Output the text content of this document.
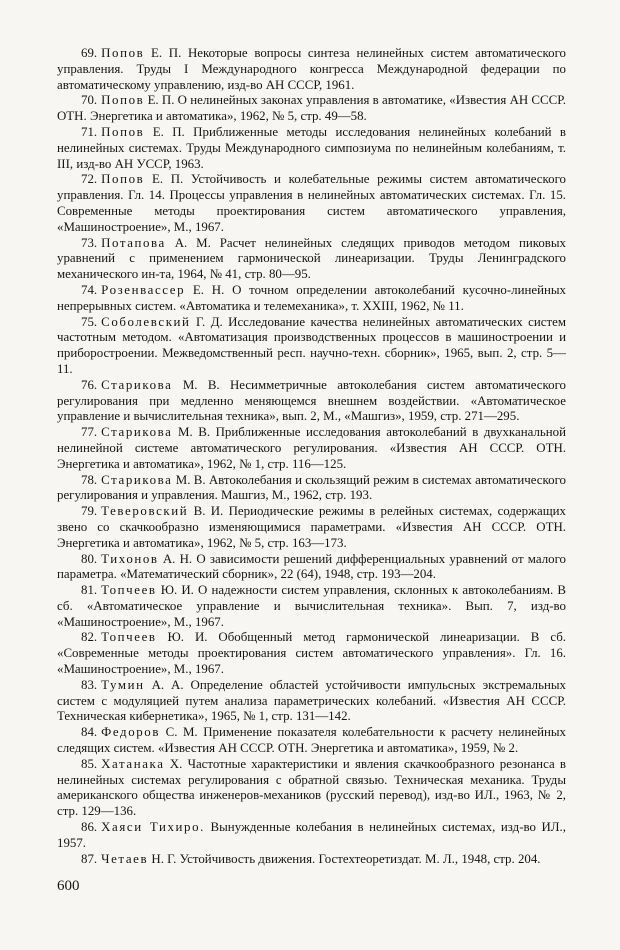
69. Попов Е. П. Некоторые вопросы синтеза нелинейных систем автоматического управления. Труды I Международного конгресса Международной федерации по автоматическому управлению, изд-во АН СССР, 1961.

70. Попов Е. П. О нелинейных законах управления в автоматике, «Известия АН СССР. ОТН. Энергетика и автоматика», 1962, № 5, стр. 49—58.

71. Попов Е. П. Приближенные методы исследования нелинейных колебаний в нелинейных системах. Труды Международного симпозиума по нелинейным колебаниям, т. III, изд-во АН УССР, 1963.

72. Попов Е. П. Устойчивость и колебательные режимы систем автоматического управления. Гл. 14. Процессы управления в нелинейных автоматических системах. Гл. 15. Современные методы проектирования систем автоматического управления, «Машиностроение», М., 1967.

73. Потапова А. М. Расчет нелинейных следящих приводов методом пиковых уравнений с применением гармонической линеаризации. Труды Ленинградского механического ин-та, 1964, № 41, стр. 80—95.

74. Розенвассер Е. Н. О точном определении автоколебаний кусочно-линейных непрерывных систем. «Автоматика и телемеханика», т. XXIII, 1962, № 11.

75. Соболевский Г. Д. Исследование качества нелинейных автоматических систем частотным методом. «Автоматизация производственных процессов в машиностроении и приборостроении. Межведомственный респ. научно-техн. сборник», 1965, вып. 2, стр. 5—11.

76. Старикова М. В. Несимметричные автоколебания систем автоматического регулирования при медленно меняющемся внешнем воздействии. «Автоматическое управление и вычислительная техника», вып. 2, М., «Машгиз», 1959, стр. 271—295.

77. Старикова М. В. Приближенные исследования автоколебаний в двухканальной нелинейной системе автоматического регулирования. «Известия АН СССР. ОТН. Энергетика и автоматика», 1962, № 1, стр. 116—125.

78. Старикова М. В. Автоколебания и скользящий режим в системах автоматического регулирования и управления. Машгиз, М., 1962, стр. 193.

79. Теверовский В. И. Периодические режимы в релейных системах, содержащих звено со скачкообразно изменяющимися параметрами. «Известия АН СССР. ОТН. Энергетика и автоматика», 1962, № 5, стр. 163—173.

80. Тихонов А. Н. О зависимости решений дифференциальных уравнений от малого параметра. «Математический сборник», 22 (64), 1948, стр. 193—204.

81. Топчеев Ю. И. О надежности систем управления, склонных к автоколебаниям. В сб. «Автоматическое управление и вычислительная техника». Вып. 7, изд-во «Машиностроение», М., 1967.

82. Топчеев Ю. И. Обобщенный метод гармонической линеаризации. В сб. «Современные методы проектирования систем автоматического управления». Гл. 16. «Машиностроение», М., 1967.

83. Тумин А. А. Определение областей устойчивости импульсных экстремальных систем с модуляцией путем анализа параметрических колебаний. «Известия АН СССР. Техническая кибернетика», 1965, № 1, стр. 131—142.

84. Федоров С. М. Применение показателя колебательности к расчету нелинейных следящих систем. «Известия АН СССР. ОТН. Энергетика и автоматика», 1959, № 2.

85. Хатанака Х. Частотные характеристики и явления скачкообразного резонанса в нелинейных системах регулирования с обратной связью. Техническая механика. Труды американского общества инженеров-механиков (русский перевод), изд-во ИЛ., 1963, № 2, стр. 129—136.

86. Хаяси Тихиро. Вынужденные колебания в нелинейных системах, изд-во ИЛ., 1957.

87. Четаев Н. Г. Устойчивость движения. Гостехтеоретиздат. М. Л., 1948, стр. 204.

600
